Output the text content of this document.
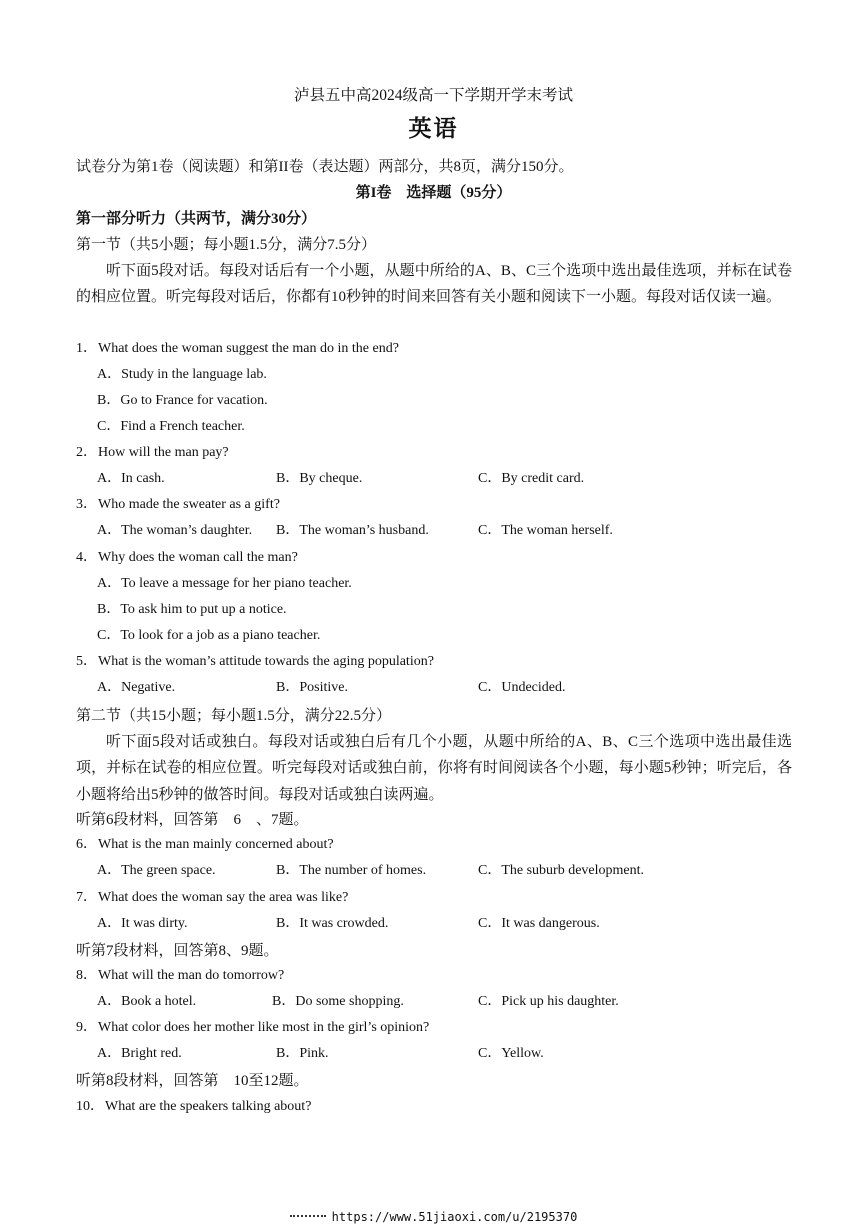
泸县五中高2024级高一下学期开学末考试
英语
试卷分为第1卷（阅读题）和第II卷（表达题）两部分，共8页，满分150分。
第I卷　选择题（95分）
第一部分听力（共两节，满分30分）
第一节（共5小题；每小题1.5分，满分7.5分）
听下面5段对话。每段对话后有一个小题，从题中所给的A、B、C三个选项中选出最佳选项，并标在试卷的相应位置。听完每段对话后，你都有10秒钟的时间来回答有关小题和阅读下一小题。每段对话仅读一遍。
1． What does the woman suggest the man do in the end?
A．Study in the language lab.
B．Go to France for vacation.
C．Find a French teacher.
2． How will the man pay?
A．In cash.	B．By cheque.	C．By credit card.
3． Who made the sweater as a gift?
A．The woman’s daughter. B．The woman’s husband.	C．The woman herself.
4． Why does the woman call the man?
A．To leave a message for her piano teacher.
B．To ask him to put up a notice.
C．To look for a job as a piano teacher.
5． What is the woman’s attitude towards the aging population?
A．Negative.	B．Positive.	C．Undecided.
第二节（共15小题；每小题1.5分，满分22.5分）
听下面5段对话或独白。每段对话或独白后有几个小题，从题中所给的A、B、C三个选项中选出最佳选项，并标在试卷的相应位置。听完每段对话或独白前，你将有时间阅读各个小题，每小题5秒钟；听完后，各小题将给出5秒钟的做答时间。每段对话或独白读两遍。
听第6段材料，回答第　6　、7题。
6． What is the man mainly concerned about?
A．The green space.	B．The number of homes.	C．The suburb development.
7． What does the woman say the area was like?
A．It was dirty.	B．It was crowded.	C．It was dangerous.
听第7段材料，回答第8、9题。
8． What will the man do tomorrow?
A．Book a hotel.	B．Do some shopping.	C．Pick up his daughter.
9． What color does her mother like most in the girl’s opinion?
A．Bright red.	B．Pink.	C．Yellow.
听第8段材料，回答第　10至12题。
10． What are the speakers talking about?
https://www.51jiaoxi.com/u/2195370
